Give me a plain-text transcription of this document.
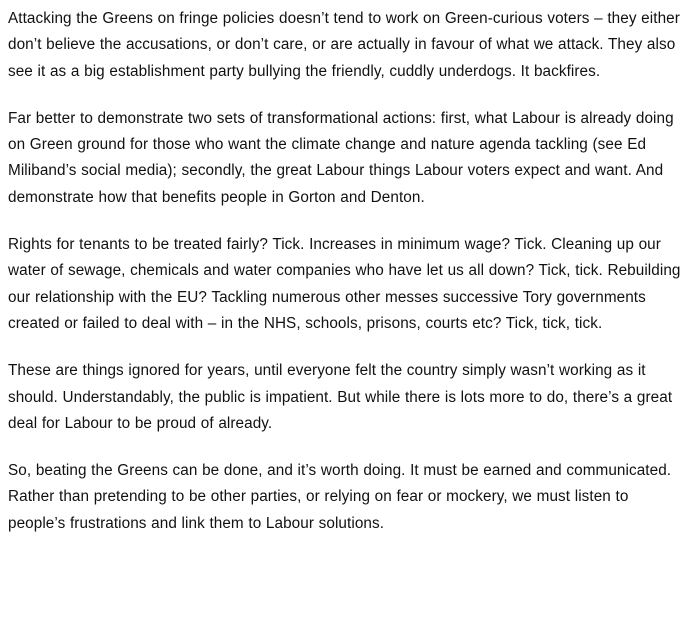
Attacking the Greens on fringe policies doesn’t tend to work on Green-curious voters – they either don’t believe the accusations, or don’t care, or are actually in favour of what we attack. They also see it as a big establishment party bullying the friendly, cuddly underdogs. It backfires.

Far better to demonstrate two sets of transformational actions: first, what Labour is already doing on Green ground for those who want the climate change and nature agenda tackling (see Ed Miliband’s social media); secondly, the great Labour things Labour voters expect and want. And demonstrate how that benefits people in Gorton and Denton.

Rights for tenants to be treated fairly? Tick. Increases in minimum wage? Tick. Cleaning up our water of sewage, chemicals and water companies who have let us all down? Tick, tick. Rebuilding our relationship with the EU? Tackling numerous other messes successive Tory governments created or failed to deal with – in the NHS, schools, prisons, courts etc? Tick, tick, tick.

These are things ignored for years, until everyone felt the country simply wasn’t working as it should. Understandably, the public is impatient. But while there is lots more to do, there’s a great deal for Labour to be proud of already.

So, beating the Greens can be done, and it’s worth doing. It must be earned and communicated. Rather than pretending to be other parties, or relying on fear or mockery, we must listen to people’s frustrations and link them to Labour solutions.
